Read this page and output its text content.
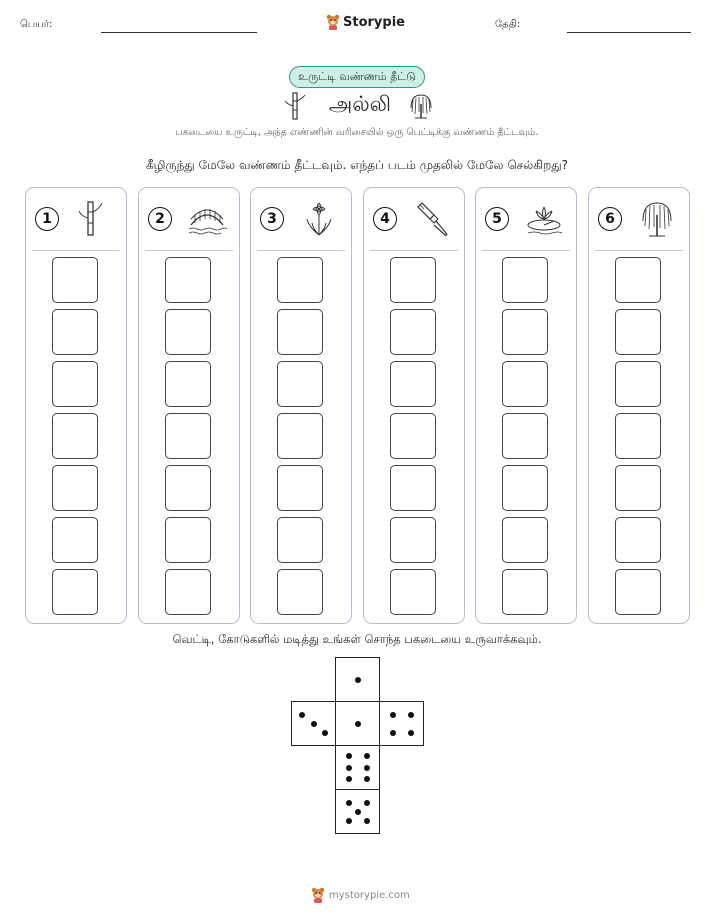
பெயர்:	Storypie	தேதி:
உருட்டி வண்ணம் தீட்டு
அல்லி
பகடையை உருட்டி, அந்த எண்ணின் வரிசையில் ஒரு பெட்டிக்கு வண்ணம் தீட்டவும்.
கீழிருந்து மேலே வண்ணம் தீட்டவும். எந்தப் படம் முதலில் மேலே செல்கிறது?
1	2	3	4	5	6
வெட்டி, கோடுகளில் மடித்து உங்கள் சொந்த பகடையை உருவாக்கவும்.
mystorypie.com
